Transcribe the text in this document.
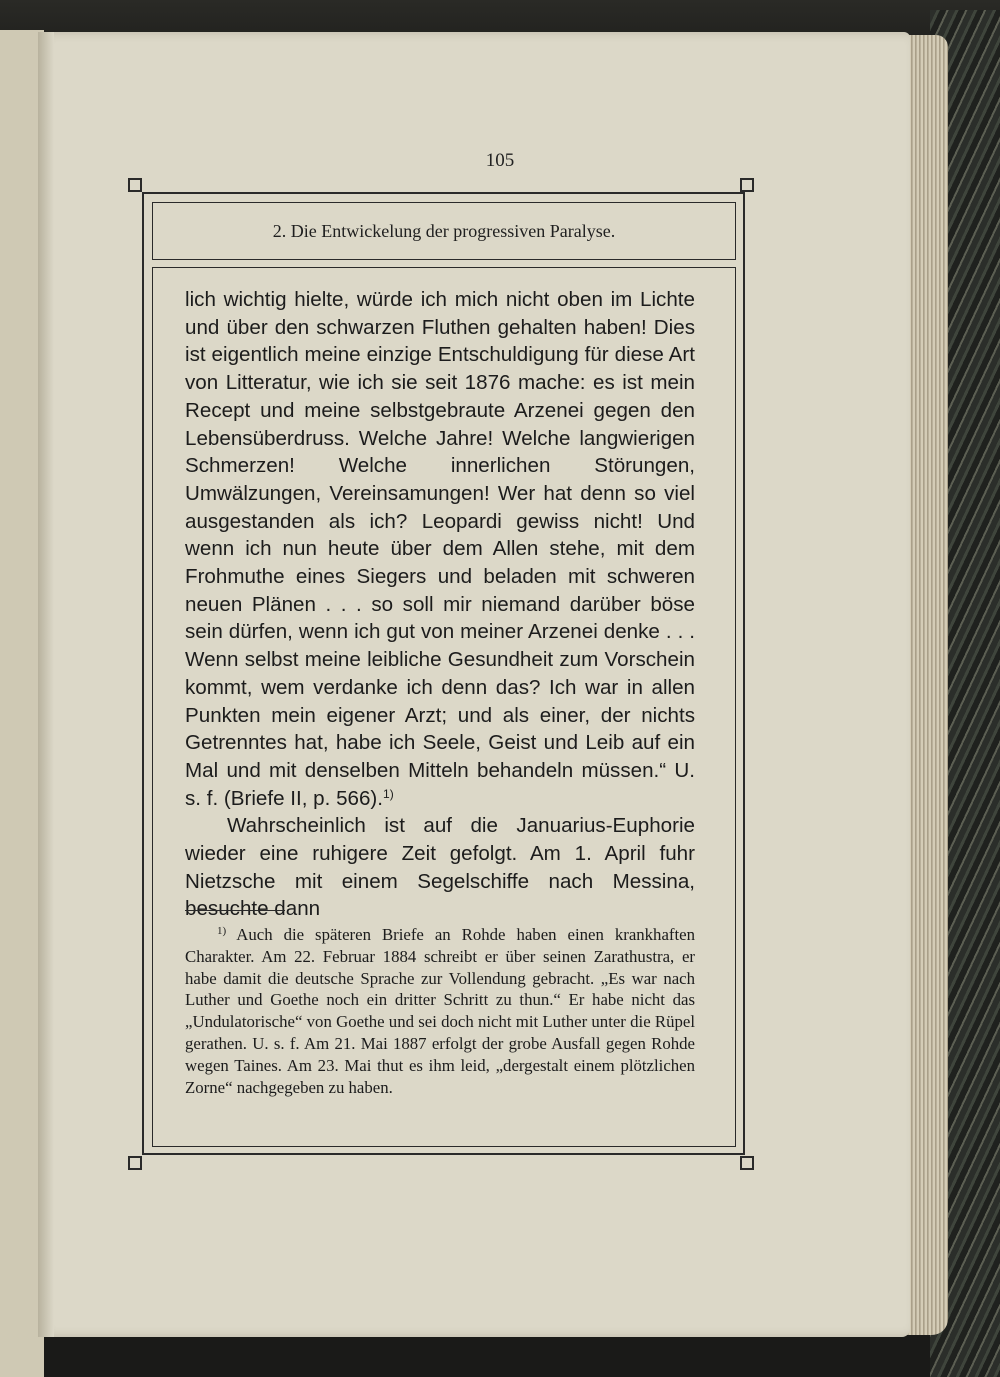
105
2. Die Entwickelung der progressiven Paralyse.

lich wichtig hielte, würde ich mich nicht oben im Lichte und über den schwarzen Fluthen gehalten haben! Dies ist eigentlich meine einzige Entschuldigung für diese Art von Litteratur, wie ich sie seit 1876 mache: es ist mein Recept und meine selbstgebraute Arzenei gegen den Lebensüberdruss. Welche Jahre! Welche langwierigen Schmerzen! Welche innerlichen Störungen, Umwälzungen, Vereinsamungen! Wer hat denn so viel ausgestanden als ich? Leopardi gewiss nicht! Und wenn ich nun heute über dem Allen stehe, mit dem Frohmuthe eines Siegers und beladen mit schweren neuen Plänen . . . so soll mir niemand darüber böse sein dürfen, wenn ich gut von meiner Arzenei denke . . . Wenn selbst meine leibliche Gesundheit zum Vorschein kommt, wem verdanke ich denn das? Ich war in allen Punkten mein eigener Arzt; und als einer, der nichts Getrenntes hat, habe ich Seele, Geist und Leib auf ein Mal und mit denselben Mitteln behandeln müssen.“ U. s. f. (Briefe II, p. 566).$^{1)}$

Wahrscheinlich ist auf die Januarius-Euphorie wieder eine ruhigere Zeit gefolgt. Am 1. April fuhr Nietzsche mit einem Segelschiffe nach Messina, besuchte dann

$^{1)}$ Auch die späteren Briefe an Rohde haben einen krankhaften Charakter. Am 22. Februar 1884 schreibt er über seinen Zarathustra, er habe damit die deutsche Sprache zur Vollendung gebracht. „Es war nach Luther und Goethe noch ein dritter Schritt zu thun.“ Er habe nicht das „Undulatorische“ von Goethe und sei doch nicht mit Luther unter die Rüpel gerathen. U. s. f. Am 21. Mai 1887 erfolgt der grobe Ausfall gegen Rohde wegen Taines. Am 23. Mai thut es ihm leid, „dergestalt einem plötzlichen Zorne“ nachgegeben zu haben.
